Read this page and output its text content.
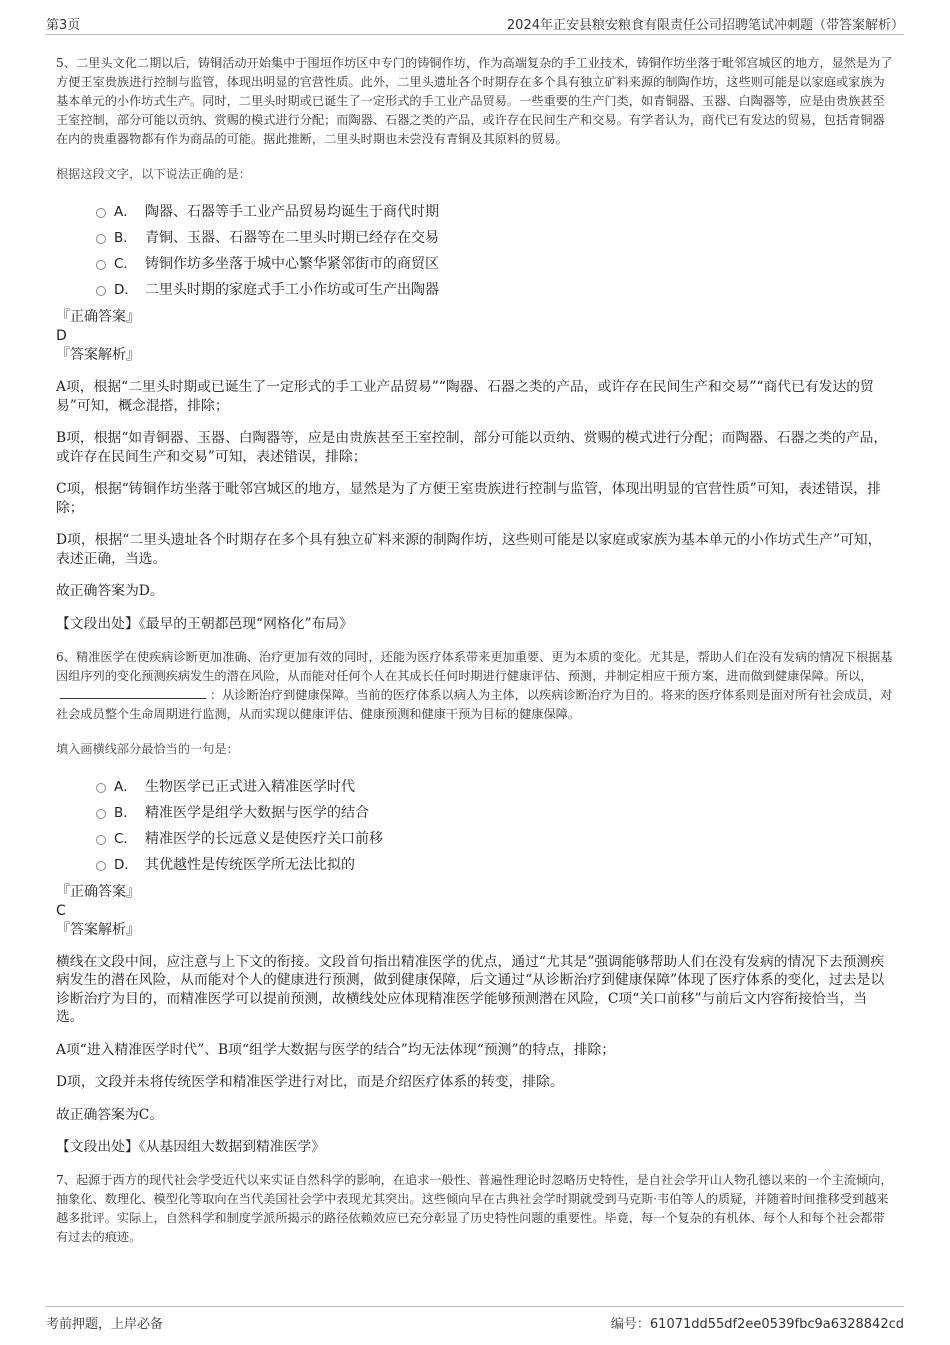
第3页	2024年正安县粮安粮食有限责任公司招聘笔试冲刺题（带答案解析）

5、二里头文化二期以后，铸铜活动开始集中于围垣作坊区中专门的铸铜作坊，作为高端复杂的手工业技术，铸铜作坊坐落于毗邻宫城区的地方，显然是为了方便王室贵族进行控制与监管，体现出明显的官营性质。此外，二里头遗址各个时期存在多个具有独立矿料来源的制陶作坊，这些则可能是以家庭或家族为基本单元的小作坊式生产。同时，二里头时期或已诞生了一定形式的手工业产品贸易。一些重要的生产门类，如青铜器、玉器、白陶器等，应是由贵族甚至王室控制，部分可能以贡纳、赏赐的模式进行分配；而陶器、石器之类的产品，或许存在民间生产和交易。有学者认为，商代已有发达的贸易，包括青铜器在内的贵重器物都有作为商品的可能。据此推断，二里头时期也未尝没有青铜及其原料的贸易。

根据这段文字，以下说法正确的是：

A． 陶器、石器等手工业产品贸易均诞生于商代时期
B． 青铜、玉器、石器等在二里头时期已经存在交易
C． 铸铜作坊多坐落于城中心繁华紧邻街市的商贸区
D． 二里头时期的家庭式手工小作坊或可生产出陶器

『正确答案』

D

『答案解析』

A项，根据“二里头时期或已诞生了一定形式的手工业产品贸易”“陶器、石器之类的产品，或许存在民间生产和交易”“商代已有发达的贸易”可知，概念混搭，排除；

B项，根据“如青铜器、玉器、白陶器等，应是由贵族甚至王室控制，部分可能以贡纳、赏赐的模式进行分配；而陶器、石器之类的产品，或许存在民间生产和交易”可知，表述错误，排除；

C项，根据“铸铜作坊坐落于毗邻宫城区的地方，显然是为了方便王室贵族进行控制与监管，体现出明显的官营性质”可知，表述错误，排除；

D项，根据“二里头遗址各个时期存在多个具有独立矿料来源的制陶作坊，这些则可能是以家庭或家族为基本单元的小作坊式生产”可知，表述正确，当选。

故正确答案为D。

【文段出处】《最早的王朝都邑现“网格化”布局》

6、精准医学在使疾病诊断更加准确、治疗更加有效的同时，还能为医疗体系带来更加重要、更为本质的变化。尤其是，帮助人们在没有发病的情况下根据基因组序列的变化预测疾病发生的潜在风险，从而能对任何个人在其成长任何时期进行健康评估、预测，并制定相应干预方案，进而做到健康保障。所以，：从诊断治疗到健康保障。当前的医疗体系以病人为主体，以疾病诊断治疗为目的。将来的医疗体系则是面对所有社会成员，对社会成员整个生命周期进行监测，从而实现以健康评估、健康预测和健康干预为目标的健康保障。

填入画横线部分最恰当的一句是：

A． 生物医学已正式进入精准医学时代
B． 精准医学是组学大数据与医学的结合
C． 精准医学的长远意义是使医疗关口前移
D． 其优越性是传统医学所无法比拟的

『正确答案』

C

『答案解析』

横线在文段中间，应注意与上下文的衔接。文段首句指出精准医学的优点，通过“尤其是”强调能够帮助人们在没有发病的情况下去预测疾病发生的潜在风险，从而能对个人的健康进行预测，做到健康保障，后文通过“从诊断治疗到健康保障”体现了医疗体系的变化，过去是以诊断治疗为目的，而精准医学可以提前预测，故横线处应体现精准医学能够预测潜在风险，C项“关口前移”与前后文内容衔接恰当，当选。

A项“进入精准医学时代”、B项“组学大数据与医学的结合”均无法体现“预测”的特点，排除；

D项，文段并未将传统医学和精准医学进行对比，而是介绍医疗体系的转变，排除。

故正确答案为C。

【文段出处】《从基因组大数据到精准医学》

7、起源于西方的现代社会学受近代以来实证自然科学的影响，在追求一般性、普遍性理论时忽略历史特性，是自社会学开山人物孔德以来的一个主流倾向，抽象化、数理化、模型化等取向在当代美国社会学中表现尤其突出。这些倾向早在古典社会学时期就受到马克斯·韦伯等人的质疑，并随着时间推移受到越来越多批评。实际上，自然科学和制度学派所揭示的路径依赖效应已充分彰显了历史特性问题的重要性。毕竟，每一个复杂的有机体、每个人和每个社会都带有过去的痕迹。

考前押题，上岸必备	编号：61071dd55df2ee0539fbc9a6328842cd
